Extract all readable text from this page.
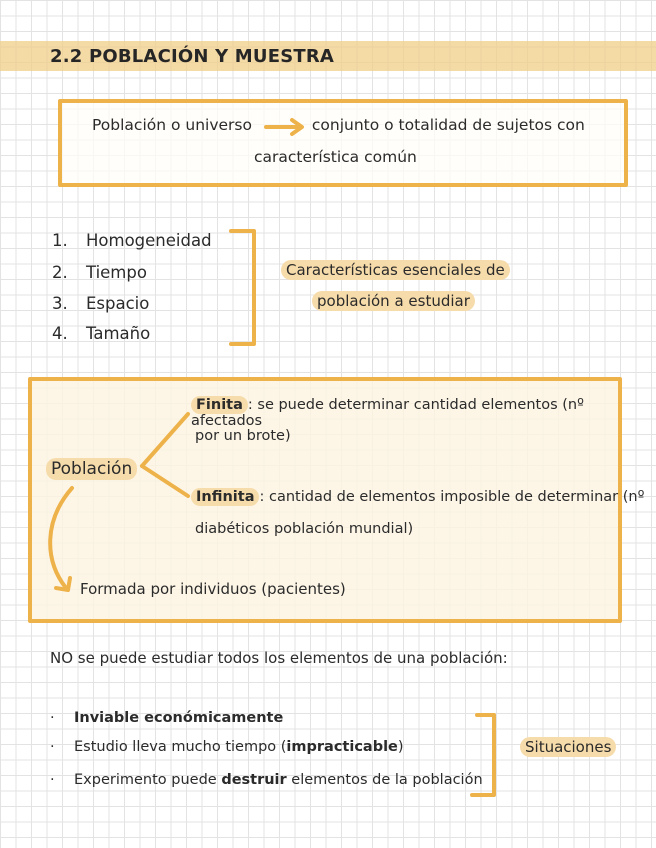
2.2 POBLACIÓN Y MUESTRA
Población o universo	conjunto o totalidad de sujetos con
característica común
1. Homogeneidad
2. Tiempo
3. Espacio
4. Tamaño
Características esenciales de
población a estudiar
Población
Finita : se puede determinar cantidad elementos (nº afectados
por un brote)
Infinita : cantidad de elementos imposible de determinar (nº
diabéticos población mundial)
Formada por individuos (pacientes)
NO se puede estudiar todos los elementos de una población:
· Inviable económicamente
· Estudio lleva mucho tiempo (impracticable)
· Experimento puede destruir elementos de la población
Situaciones
